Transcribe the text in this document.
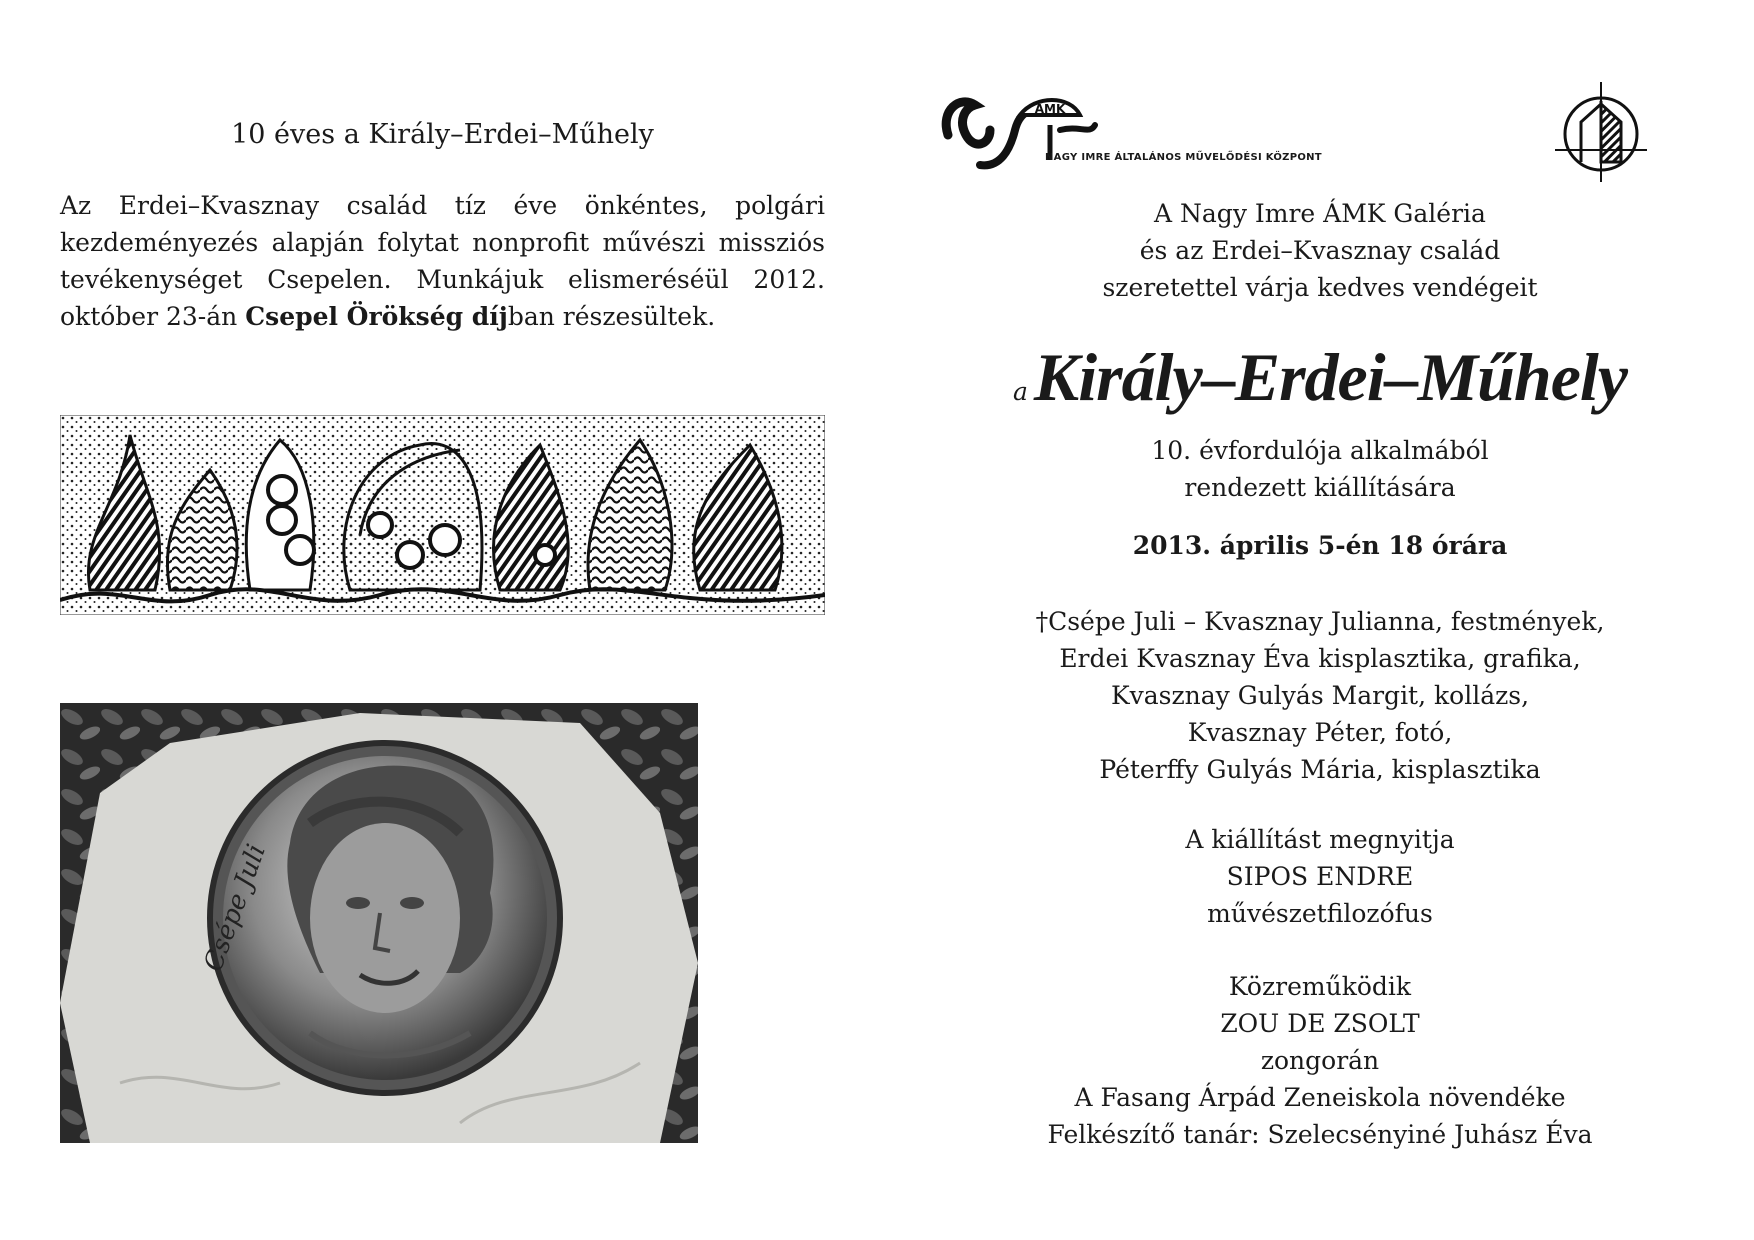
10 éves a Király–Erdei–Műhely

Az Erdei–Kvasznay család tíz éve önkéntes, polgári kezdeményezés alapján folytat nonprofit művészi missziós tevékenységet Csepelen. Munkájuk elismeréséül 2012. október 23-án Csepel Örökség díjban részesültek.

Csépe Juli
ÁMK
NAGY IMRE ÁLTALÁNOS MŰVELŐDÉSI KÖZPONT
A Nagy Imre ÁMK Galéria
és az Erdei–Kvasznay család
szeretettel várja kedves vendégeit
aKirály–Erdei–Műhely
10. évfordulója alkalmából
rendezett kiállítására
2013. április 5-én 18 órára
†Csépe Juli – Kvasznay Julianna, festmények,
Erdei Kvasznay Éva kisplasztika, grafika,
Kvasznay Gulyás Margit, kollázs,
Kvasznay Péter, fotó,
Péterffy Gulyás Mária, kisplasztika
A kiállítást megnyitja
SIPOS ENDRE
művészetfilozófus
Közreműködik
ZOU DE ZSOLT
zongorán
A Fasang Árpád Zeneiskola növendéke
Felkészítő tanár: Szelecsényiné Juhász Éva
